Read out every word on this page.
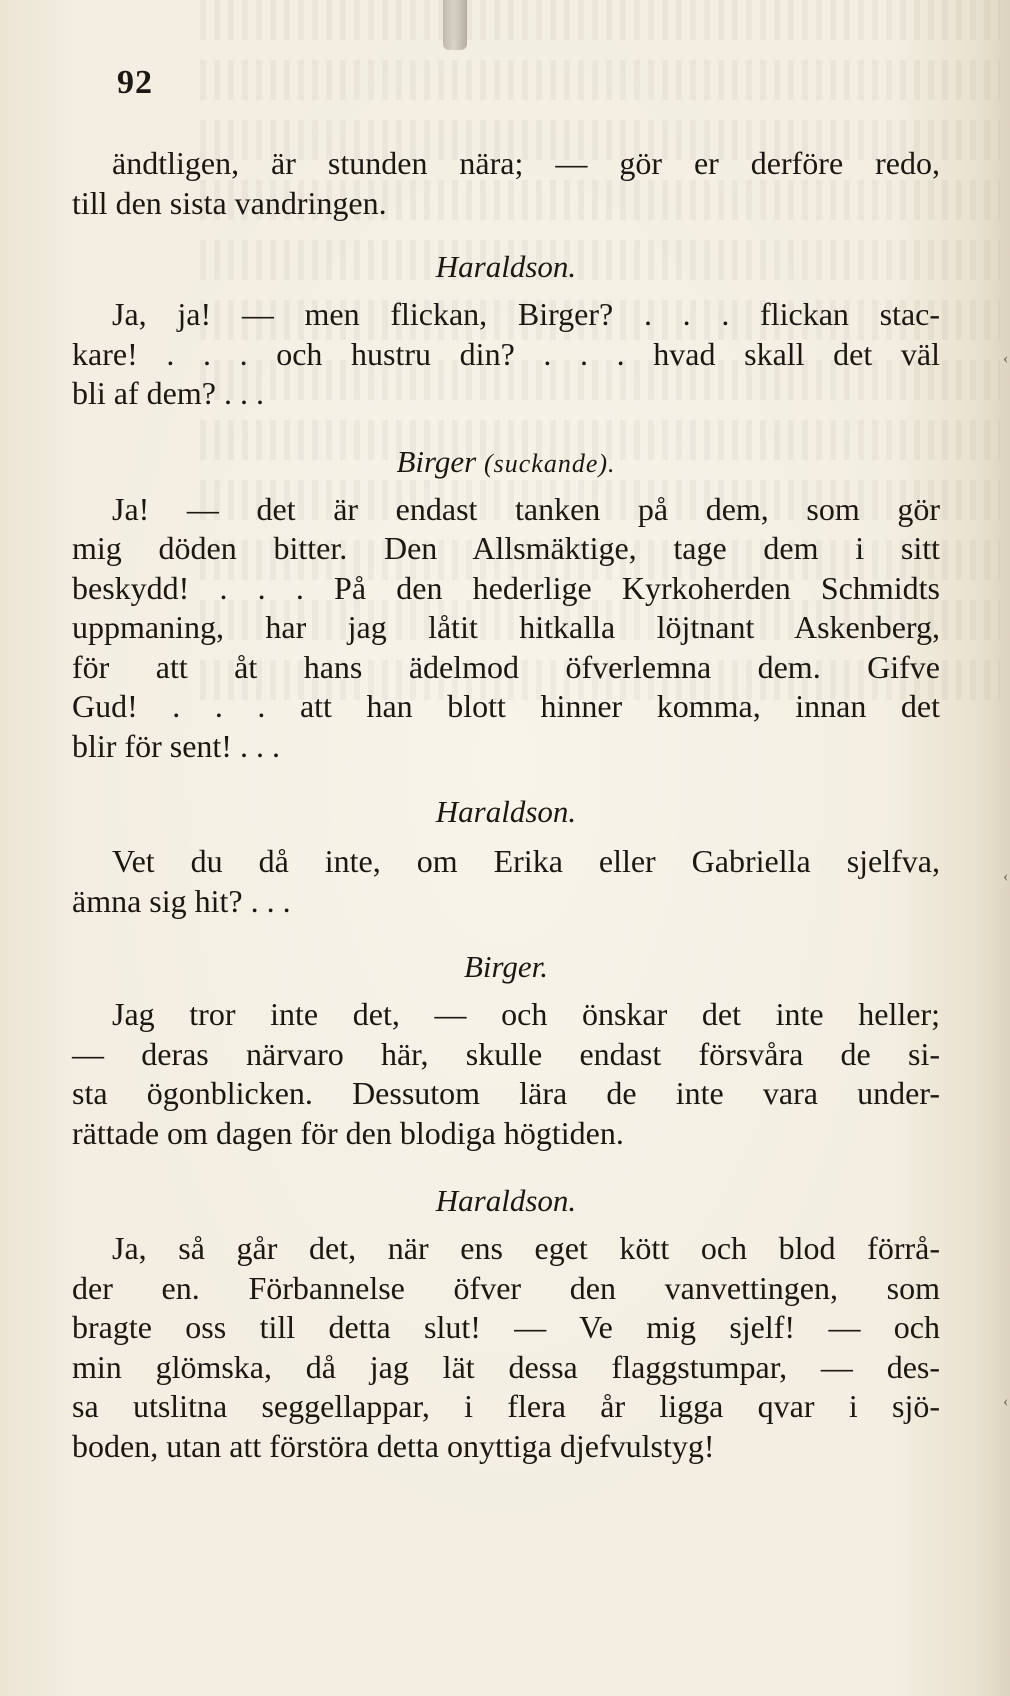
‹
‹
‹
92
ändtligen, är stunden nära; — gör er derföre redo,
till den sista vandringen.

Haraldson.

Ja, ja! — men flickan, Birger? . . . flickan stac-
kare! . . . och hustru din? . . . hvad skall det väl
bli af dem? . . .

Birger (suckande).

Ja! — det är endast tanken på dem, som gör
mig döden bitter. Den Allsmäktige, tage dem i sitt
beskydd! . . . På den hederlige Kyrkoherden Schmidts
uppmaning, har jag låtit hitkalla löjtnant Askenberg,
för att åt hans ädelmod öfverlemna dem. Gifve
Gud! . . . att han blott hinner komma, innan det
blir för sent! . . .

Haraldson.

Vet du då inte, om Erika eller Gabriella sjelfva,
ämna sig hit? . . .

Birger.

Jag tror inte det, — och önskar det inte heller;
— deras närvaro här, skulle endast försvåra de si-
sta ögonblicken. Dessutom lära de inte vara under-
rättade om dagen för den blodiga högtiden.

Haraldson.

Ja, så går det, när ens eget kött och blod förrå-
der en. Förbannelse öfver den vanvettingen, som
bragte oss till detta slut! — Ve mig sjelf! — och
min glömska, då jag lät dessa flaggstumpar, — des-
sa utslitna seggellappar, i flera år ligga qvar i sjö-
boden, utan att förstöra detta onyttiga djefvulstyg!
